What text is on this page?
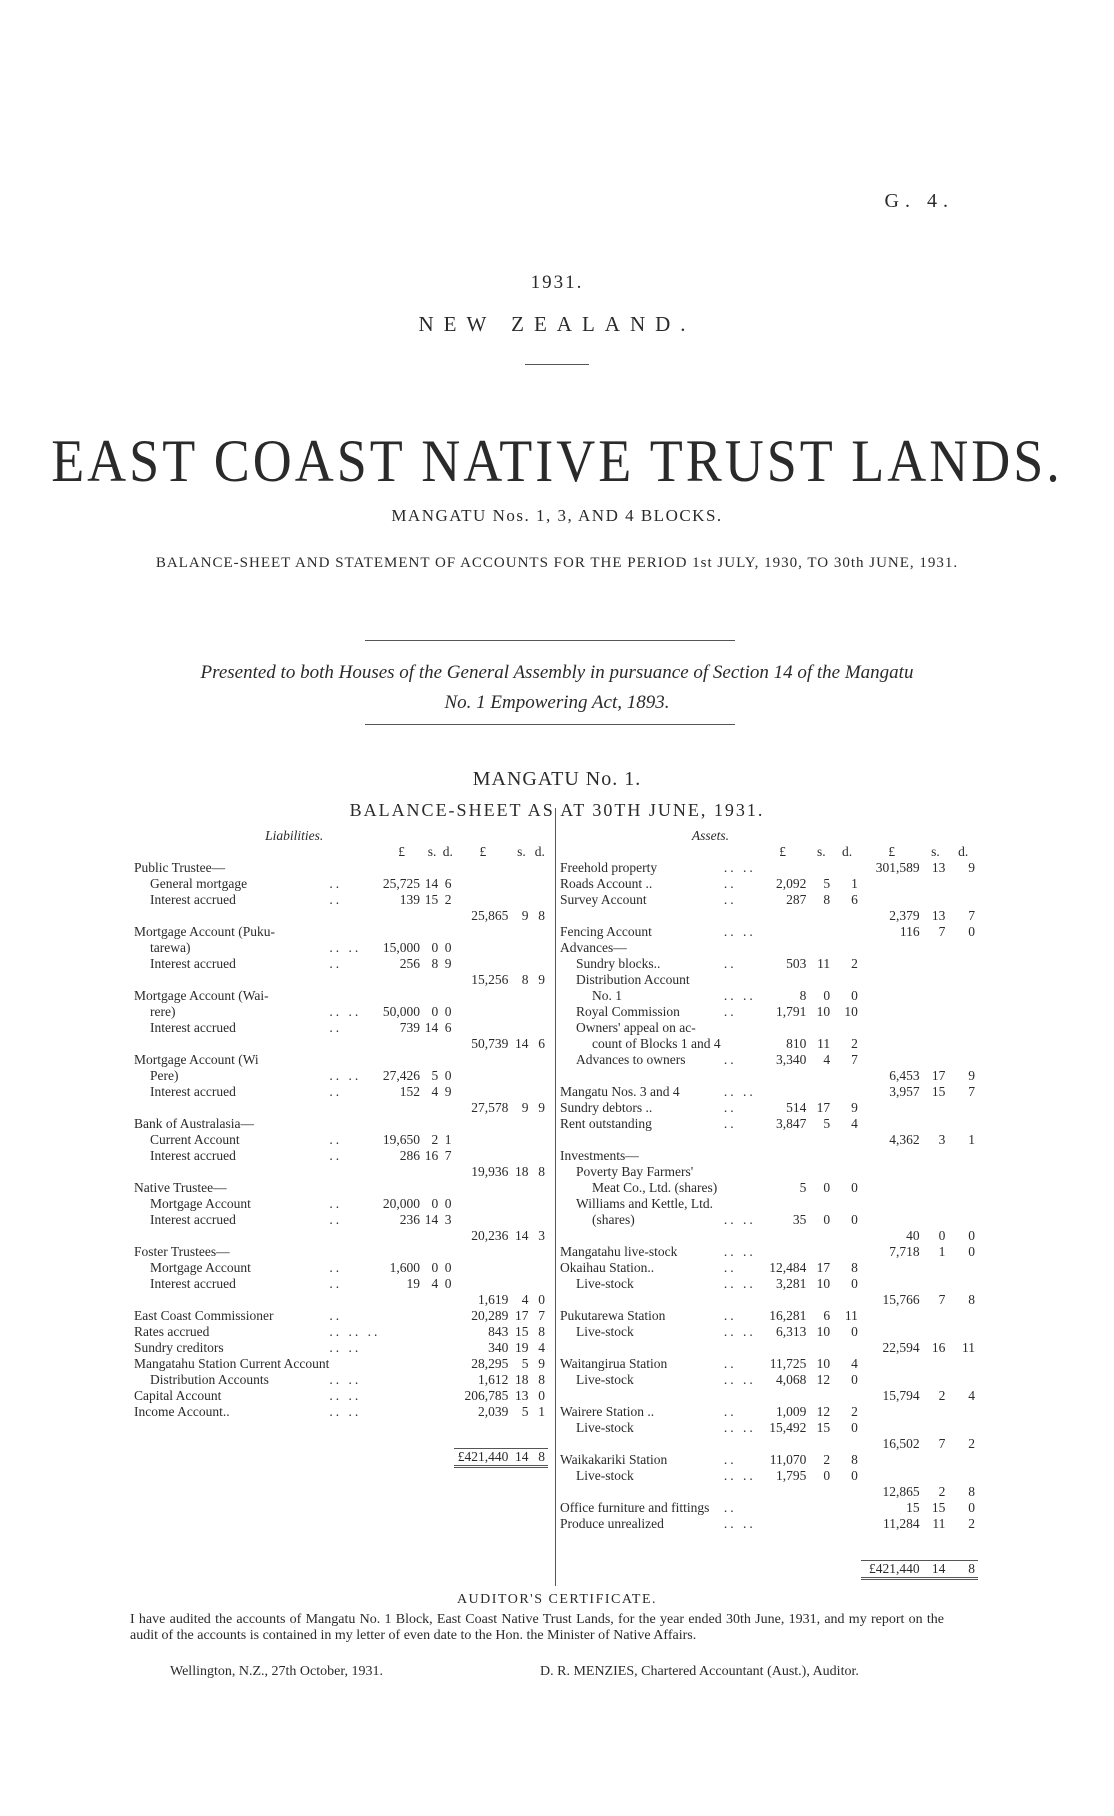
G. 4.
1931.
NEW ZEALAND.
EAST COAST NATIVE TRUST LANDS.
MANGATU Nos. 1, 3, AND 4 BLOCKS.
BALANCE-SHEET AND STATEMENT OF ACCOUNTS FOR THE PERIOD 1st JULY, 1930, TO 30th JUNE, 1931.
Presented to both Houses of the General Assembly in pursuance of Section 14 of the Mangatu No. 1 Empowering Act, 1893.
MANGATU No. 1.
BALANCE-SHEET AS AT 30TH JUNE, 1931.
Liabilities.							
		£	s.	d.	£	s.	d.
Public Trustee—							
General mortgage	..	25,725	14	6			
Interest accrued	..	139	15	2			
					25,865	9	8
Mortgage Account (Puku-							
tarewa)	.. ..	15,000	0	0			
Interest accrued	..	256	8	9			
					15,256	8	9
Mortgage Account (Wai-							
rere)	.. ..	50,000	0	0			
Interest accrued	..	739	14	6			
					50,739	14	6
Mortgage Account (Wi							
Pere)	.. ..	27,426	5	0			
Interest accrued	..	152	4	9			
					27,578	9	9
Bank of Australasia—							
Current Account	..	19,650	2	1			
Interest accrued	..	286	16	7			
					19,936	18	8
Native Trustee—							
Mortgage Account	..	20,000	0	0			
Interest accrued	..	236	14	3			
					20,236	14	3
Foster Trustees—							
Mortgage Account	..	1,600	0	0			
Interest accrued	..	19	4	0			
					1,619	4	0
East Coast Commissioner	..				20,289	17	7
Rates accrued	.. .. ..				843	15	8
Sundry creditors	.. ..				340	19	4
Mangatahu Station Current Account					28,295	5	9
Distribution Accounts	.. ..				1,612	18	8
Capital Account	.. ..				206,785	13	0
Income Account..	.. ..				2,039	5	1

					£421,440	14	8
Assets.							
		£	s.	d.	£	s.	d.
Freehold property	.. ..				301,589	13	9
Roads Account ..	..	2,092	5	1			
Survey Account	..	287	8	6			
					2,379	13	7
Fencing Account	.. ..				116	7	0
Advances—							
Sundry blocks..	..	503	11	2			
Distribution Account							
No. 1	.. ..	8	0	0			
Royal Commission	..	1,791	10	10			
Owners' appeal on ac-							
count of Blocks 1 and 4		810	11	2			
Advances to owners	..	3,340	4	7			
					6,453	17	9
Mangatu Nos. 3 and 4	.. ..				3,957	15	7
Sundry debtors ..	..	514	17	9			
Rent outstanding	..	3,847	5	4			
					4,362	3	1
Investments—							
Poverty Bay Farmers'							
Meat Co., Ltd. (shares)		5	0	0			
Williams and Kettle, Ltd.							
(shares)	.. ..	35	0	0			
					40	0	0
Mangatahu live-stock	.. ..				7,718	1	0
Okaihau Station..	..	12,484	17	8			
Live-stock	.. ..	3,281	10	0			
					15,766	7	8
Pukutarewa Station	..	16,281	6	11			
Live-stock	.. ..	6,313	10	0			
					22,594	16	11
Waitangirua Station	..	11,725	10	4			
Live-stock	.. ..	4,068	12	0			
					15,794	2	4
Wairere Station ..	..	1,009	12	2			
Live-stock	.. ..	15,492	15	0			
					16,502	7	2
Waikakariki Station	..	11,070	2	8			
Live-stock	.. ..	1,795	0	0			
					12,865	2	8
Office furniture and fittings	..				15	15	0
Produce unrealized	.. ..				11,284	11	2

					£421,440	14	8
AUDITOR'S CERTIFICATE.
I have audited the accounts of Mangatu No. 1 Block, East Coast Native Trust Lands, for the year ended 30th June, 1931, and my report on the audit of the accounts is contained in my letter of even date to the Hon. the Minister of Native Affairs.
Wellington, N.Z., 27th October, 1931.	D. R. MENZIES, Chartered Accountant (Aust.), Auditor.
